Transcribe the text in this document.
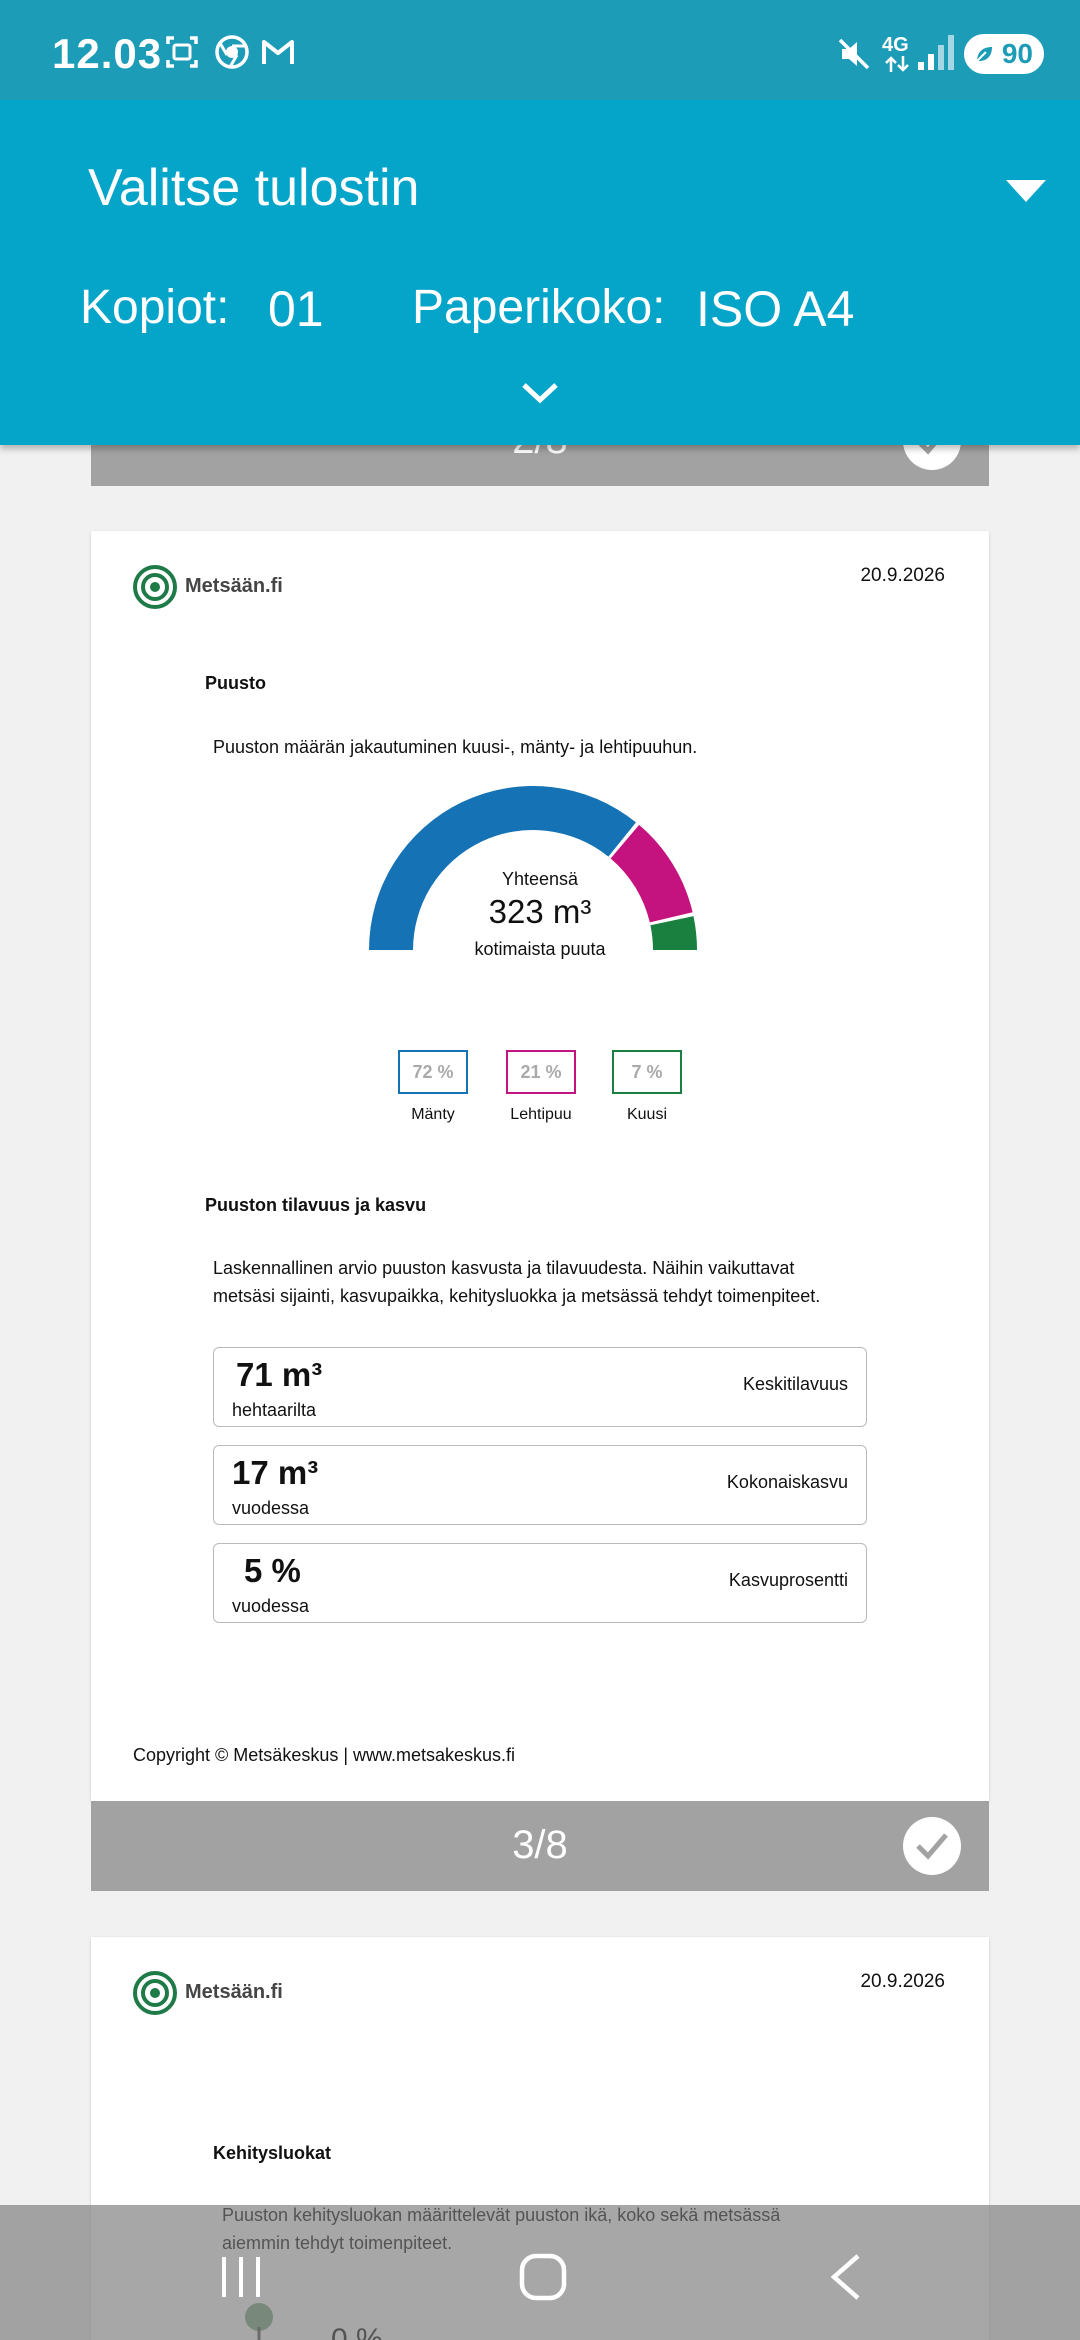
12.03	4G	90
Valitse tulostin
Kopiot: 01 Paperikoko: ISO A4
Metsään.fi	20.9.2026
Puusto
Puuston määrän jakautuminen kuusi-, mänty- ja lehtipuuhun.
Yhteensä
323 m³
kotimaista puuta
72 %
Mänty
21 %
Lehtipuu
7 %
Kuusi
Puuston tilavuus ja kasvu
Laskennallinen arvio puuston kasvusta ja tilavuudesta. Näihin vaikuttavat
metsäsi sijainti, kasvupaikka, kehitysluokka ja metsässä tehdyt toimenpiteet.
71 m³
hehtaarilta
Keskitilavuus
17 m³
vuodessa
Kokonaiskasvu
5 %
vuodessa
Kasvuprosentti
Copyright © Metsäkeskus | www.metsakeskus.fi
3/8
Metsään.fi	20.9.2026
Kehitysluokat
